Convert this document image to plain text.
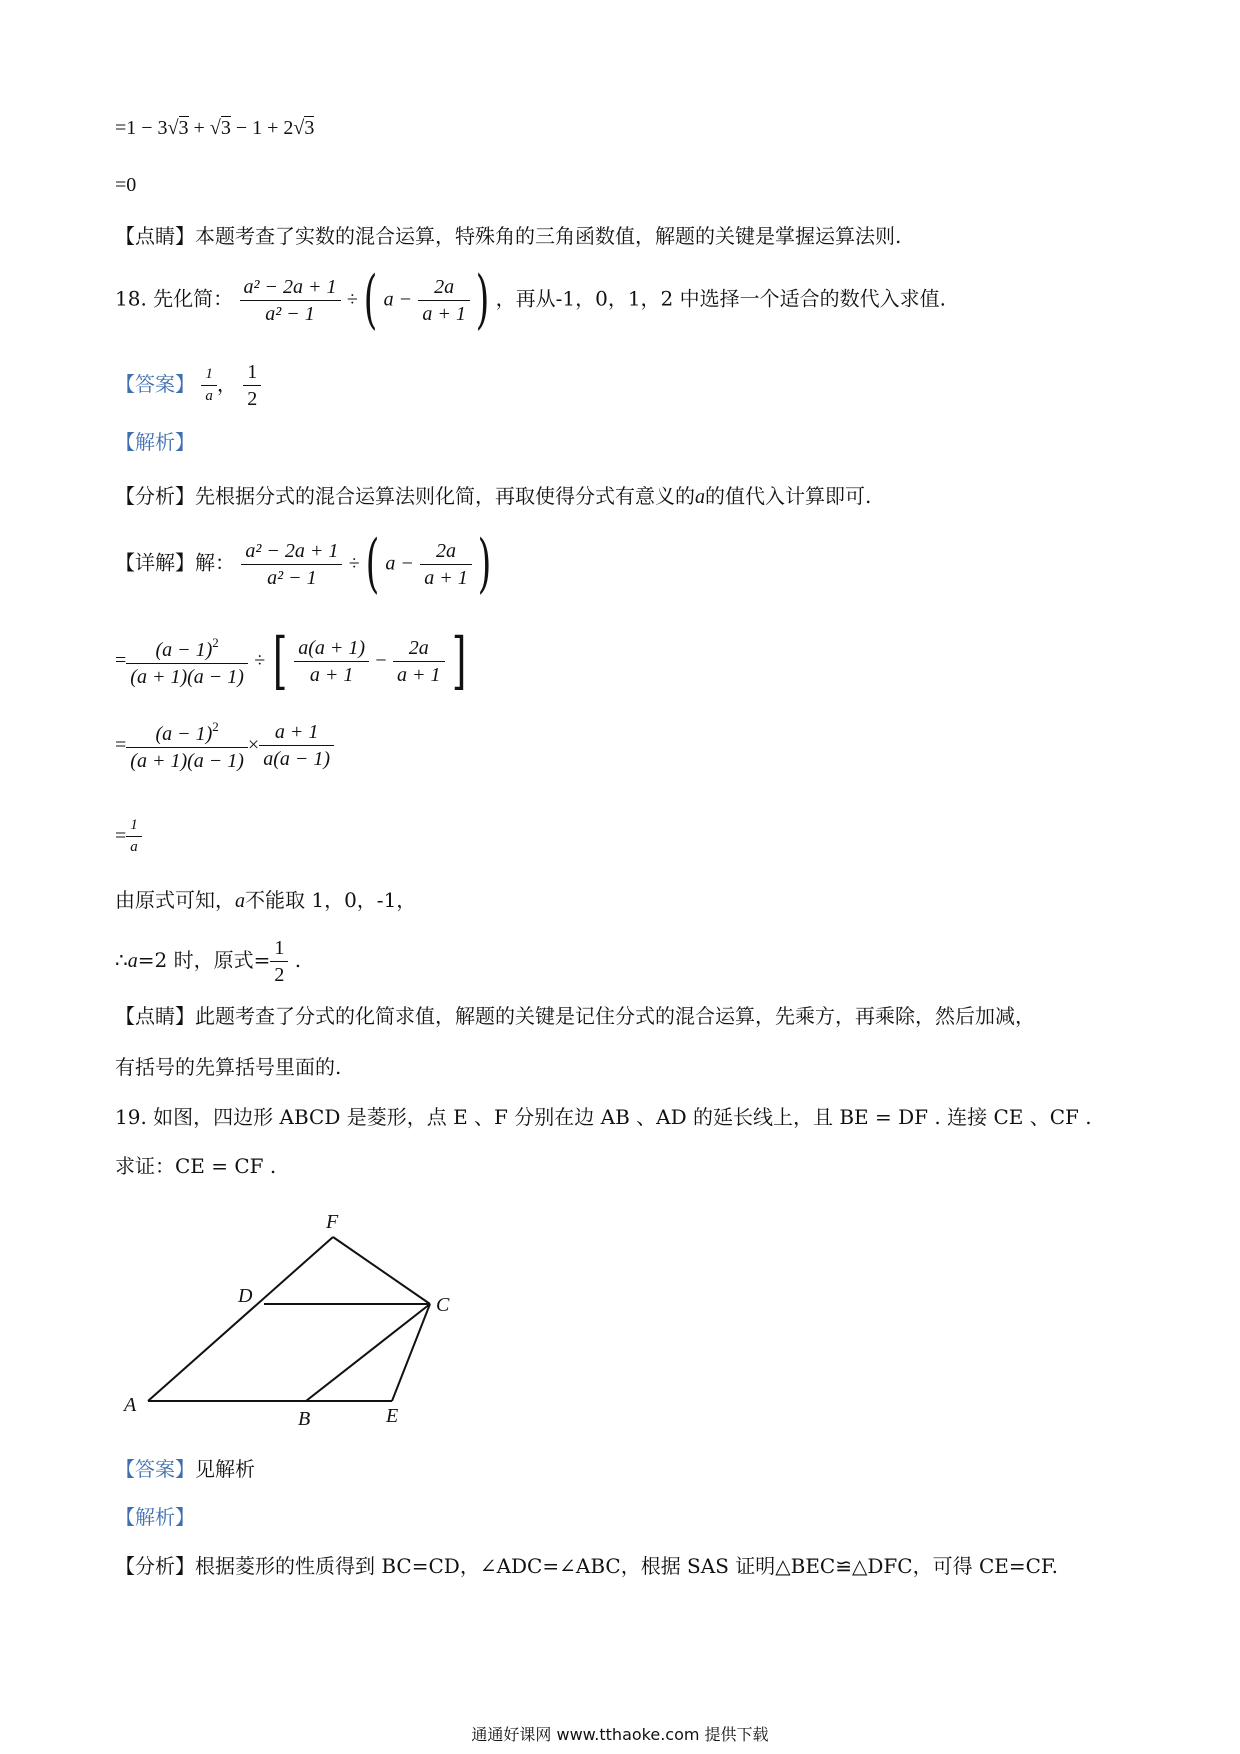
=1 − 3√3 + √3 − 1 + 2√3
=0
【点睛】本题考查了实数的混合运算，特殊角的三角函数值，解题的关键是掌握运算法则.
18. 先化简： $\frac{\text{a² − 2a + 1}}{\text{a² − 1}}$ ÷ ( $a - \frac{2a}{a + 1}$ ) ，再从-1，0，1，2 中选择一个适合的数代入求值.
【答案】 $\frac{1}{a}$ ， $\frac{1}{2}$
【解析】
【分析】先根据分式的混合运算法则化简，再取使得分式有意义的a的值代入计算即可.
【详解】解： $\frac{\text{a² − 2a + 1}}{\text{a² − 1}}$ ÷ ( $a - \frac{2a}{a + 1}$ )
= $\frac{(a - 1)^2}{(a + 1)(a - 1)}$ ÷ [ $\frac{a(a + 1)}{a + 1} - \frac{2a}{a + 1}$ ]
= $\frac{(a - 1)^2}{(a + 1)(a - 1)} \times \frac{a + 1}{a(a - 1)}$
= $\frac{1}{a}$
由原式可知，a不能取 1，0，-1，
∴a=2 时，原式= $\frac{1}{2}$ .
【点睛】此题考查了分式的化简求值，解题的关键是记住分式的混合运算，先乘方，再乘除，然后加减，
有括号的先算括号里面的.
19. 如图，四边形 ABCD 是菱形，点 E 、F 分别在边 AB 、AD 的延长线上，且 BE = DF . 连接 CE 、CF .
求证：CE = CF .
A
B
C
D
E
F
【答案】见解析
【解析】
【分析】根据菱形的性质得到 BC=CD，∠ADC=∠ABC，根据 SAS 证明△BEC≌△DFC，可得 CE=CF.
通通好课网 www.tthaoke.com 提供下载
